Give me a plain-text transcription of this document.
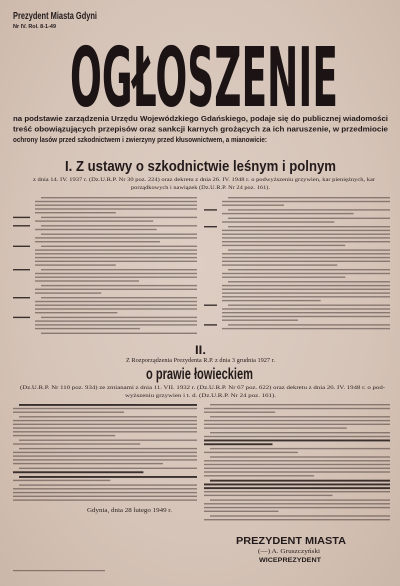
Prezydent Miasta Gdyni
Nr IV. Rol. 8-1-49
OGŁOSZENIE
na podstawie zarządzenia Urzędu Wojewódzkiego Gdańskiego, podaje się do publicznej wiadomości
treść obowiązujących przepisów oraz sankcji karnych grożących za ich naruszenie, w przedmiocie
ochrony lasów przed szkodnictwem i zwierzyny przed kłusownictwem, a mianowicie:
I. Z ustawy o szkodnictwie leśnym i polnym
z dnia 14. IV. 1937 r. (Dz.U.R.P. Nr 30 poz. 224) oraz dekretu z dnia 26. IV. 1948 r. o podwyższeniu grzywien, kar pieniężnych, kar
porządkowych i nawiązek (Dz.U.R.P. Nr 24 poz. 161).
II.
Z Rozporządzenia Prezydenta R.P. z dnia 3 grudnia 1927 r.
o prawie łowieckiem
(Dz.U.R.P. Nr 110 poz. 934) ze zmianami z dnia 11. VII. 1932 r. (Dz.U.R.P. Nr 67 poz. 622) oraz dekretu z dnia 26. IV. 1948 r. o pod-
wyższeniu grzywien i t. d. (Dz.U.R.P. Nr 24 poz. 161).
Gdynia, dnia 28 lutego 1949 r.
PREZYDENT MIASTA
(—) A. Gruszczyński
WICEPREZYDENT
